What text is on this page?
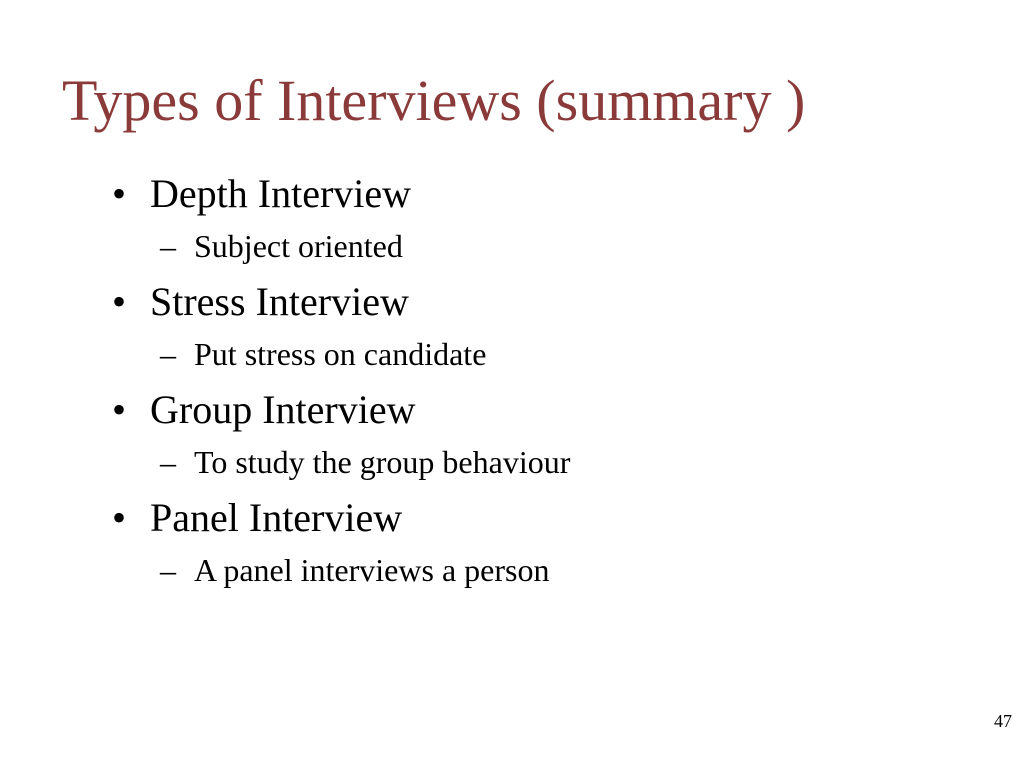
Types of Interviews (summary )
• Depth Interview
– Subject oriented
• Stress Interview
– Put stress on candidate
• Group Interview
– To study the group behaviour
• Panel Interview
– A panel interviews a person
47
